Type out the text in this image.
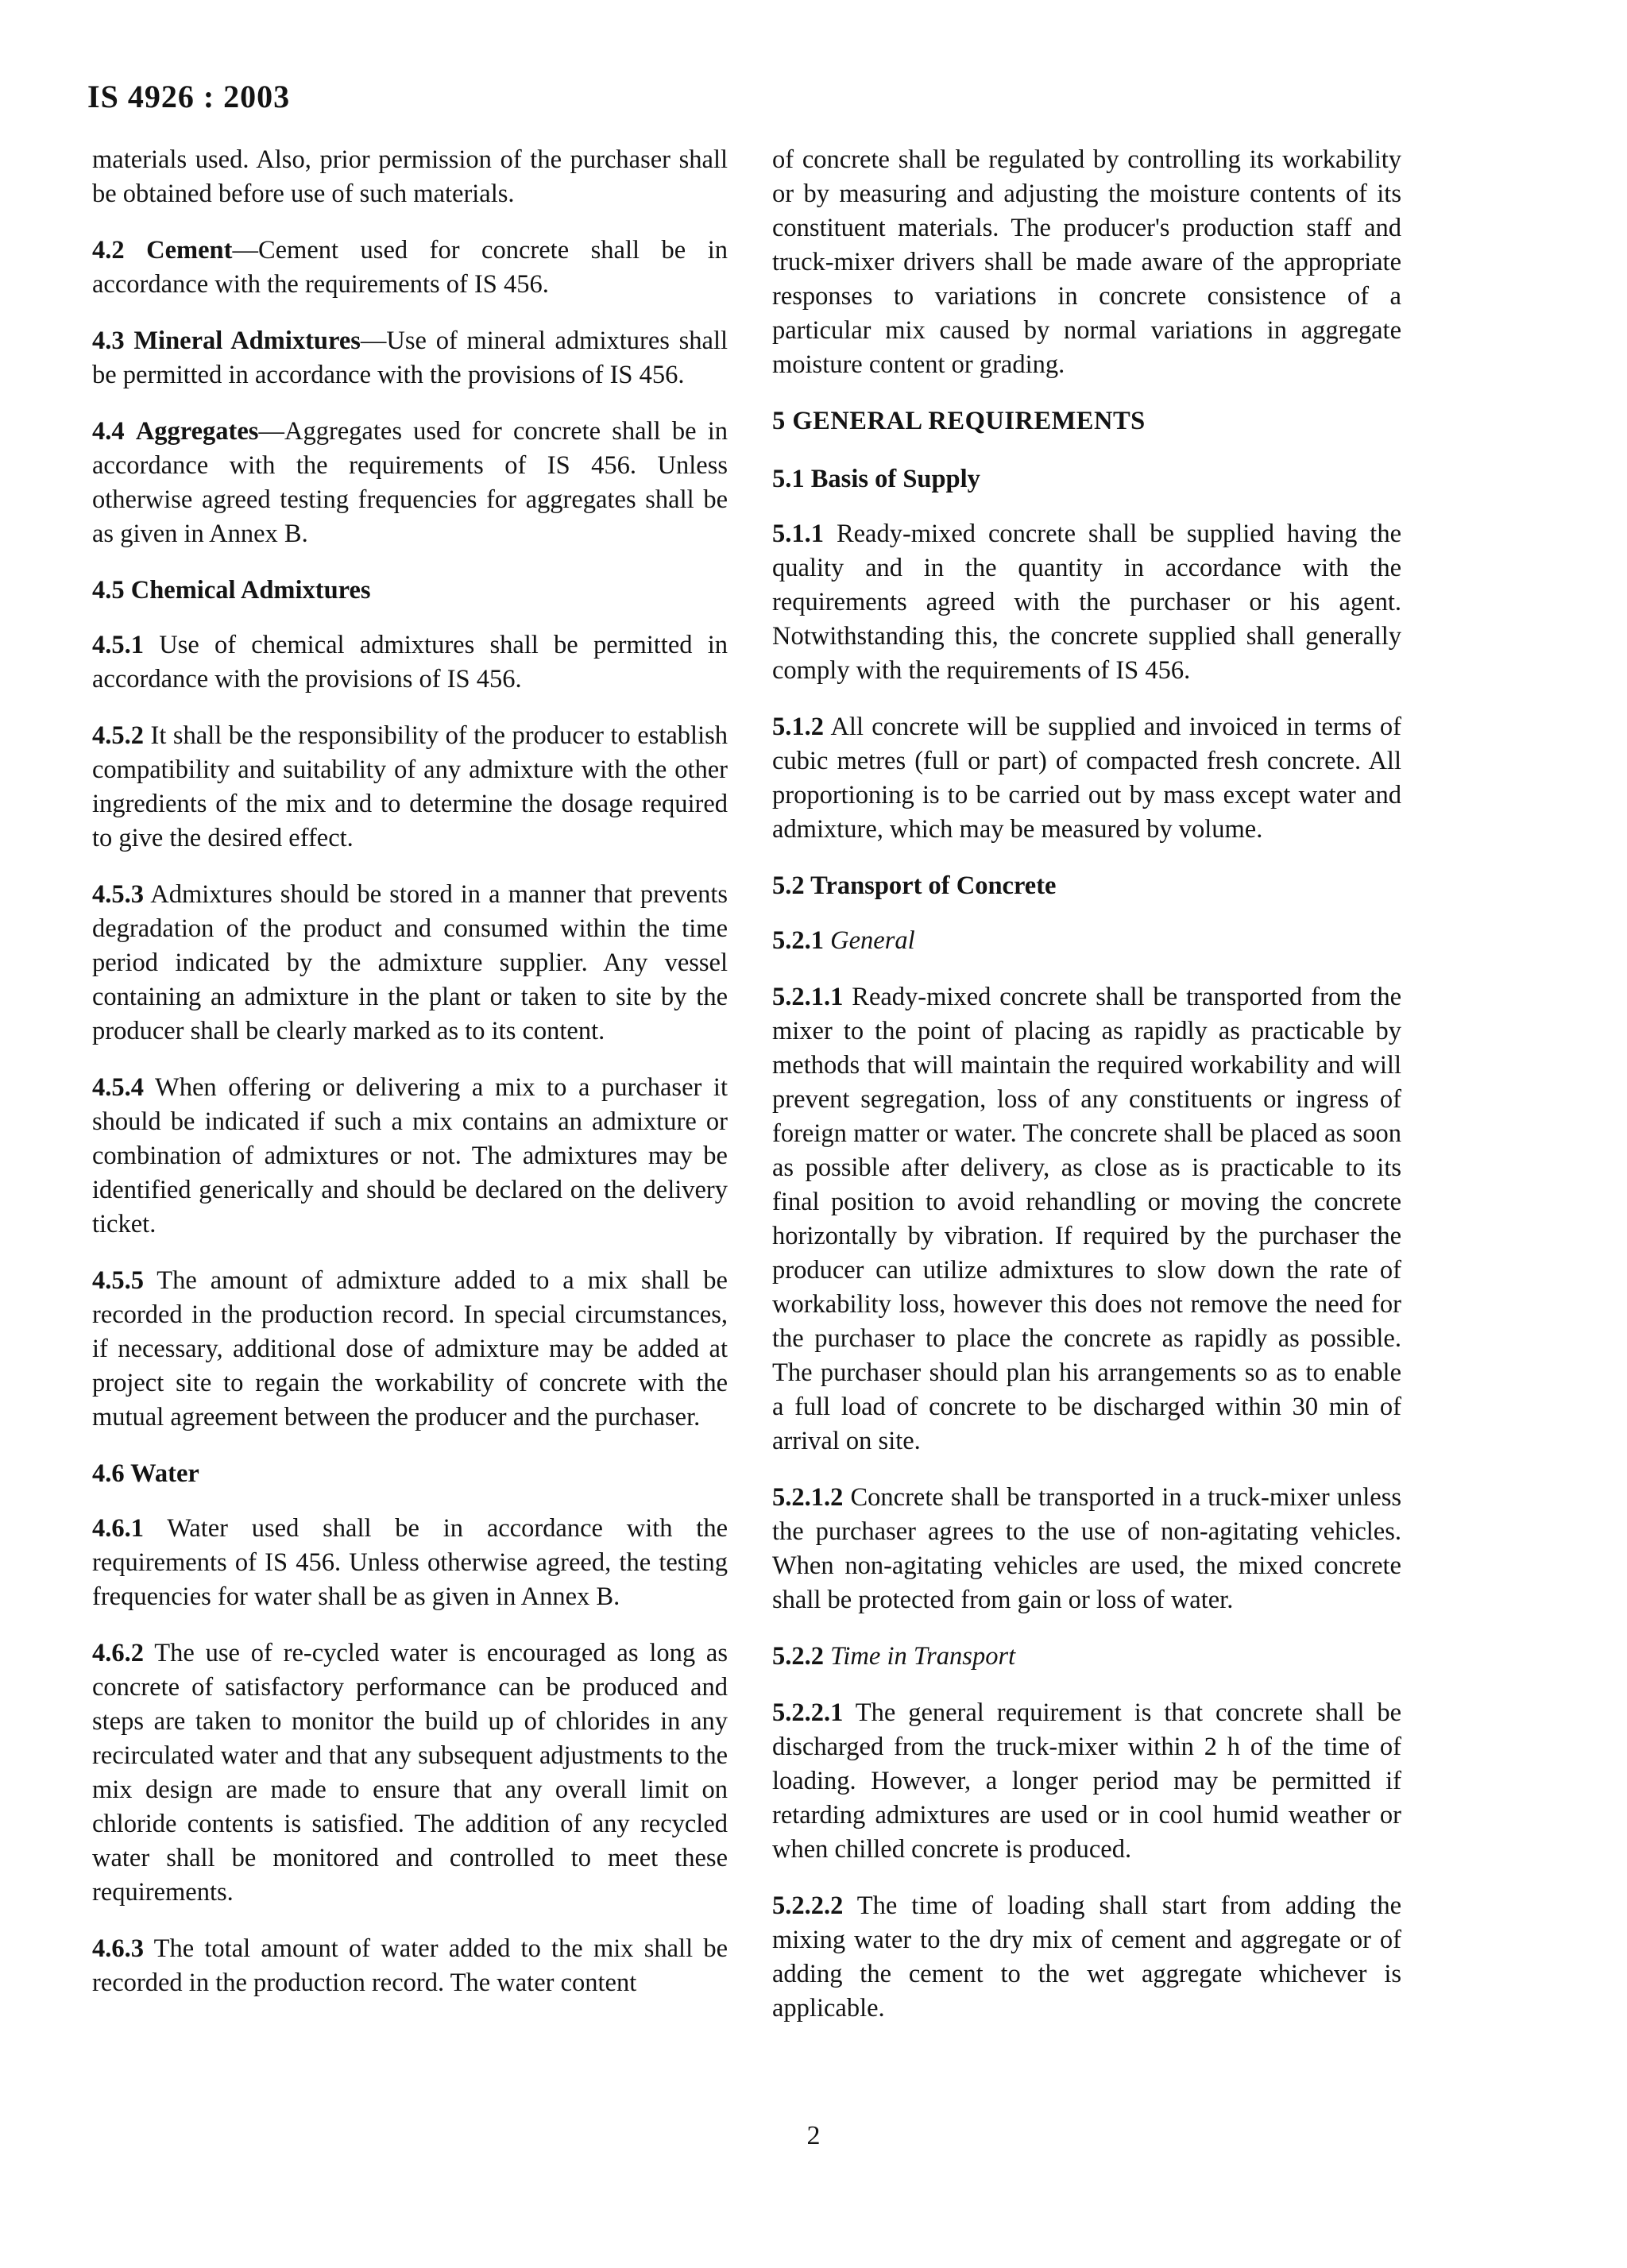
IS 4926 : 2003

materials used. Also, prior permission of the purchaser shall be obtained before use of such materials.

4.2 Cement—Cement used for concrete shall be in accordance with the requirements of IS 456.

4.3 Mineral Admixtures—Use of mineral admixtures shall be permitted in accordance with the provisions of IS 456.

4.4 Aggregates—Aggregates used for concrete shall be in accordance with the requirements of IS 456. Unless otherwise agreed testing frequencies for aggregates shall be as given in Annex B.

4.5 Chemical Admixtures

4.5.1 Use of chemical admixtures shall be permitted in accordance with the provisions of IS 456.

4.5.2 It shall be the responsibility of the producer to establish compatibility and suitability of any admixture with the other ingredients of the mix and to determine the dosage required to give the desired effect.

4.5.3 Admixtures should be stored in a manner that prevents degradation of the product and consumed within the time period indicated by the admixture supplier. Any vessel containing an admixture in the plant or taken to site by the producer shall be clearly marked as to its content.

4.5.4 When offering or delivering a mix to a purchaser it should be indicated if such a mix contains an admixture or combination of admixtures or not. The admixtures may be identified generically and should be declared on the delivery ticket.

4.5.5 The amount of admixture added to a mix shall be recorded in the production record. In special circumstances, if necessary, additional dose of admixture may be added at project site to regain the workability of concrete with the mutual agreement between the producer and the purchaser.

4.6 Water

4.6.1 Water used shall be in accordance with the requirements of IS 456. Unless otherwise agreed, the testing frequencies for water shall be as given in Annex B.

4.6.2 The use of re-cycled water is encouraged as long as concrete of satisfactory performance can be produced and steps are taken to monitor the build up of chlorides in any recirculated water and that any subsequent adjustments to the mix design are made to ensure that any overall limit on chloride contents is satisfied. The addition of any recycled water shall be monitored and controlled to meet these requirements.

4.6.3 The total amount of water added to the mix shall be recorded in the production record. The water content

of concrete shall be regulated by controlling its workability or by measuring and adjusting the moisture contents of its constituent materials. The producer's production staff and truck-mixer drivers shall be made aware of the appropriate responses to variations in concrete consistence of a particular mix caused by normal variations in aggregate moisture content or grading.

5 GENERAL REQUIREMENTS

5.1 Basis of Supply

5.1.1 Ready-mixed concrete shall be supplied having the quality and in the quantity in accordance with the requirements agreed with the purchaser or his agent. Notwithstanding this, the concrete supplied shall generally comply with the requirements of IS 456.

5.1.2 All concrete will be supplied and invoiced in terms of cubic metres (full or part) of compacted fresh concrete. All proportioning is to be carried out by mass except water and admixture, which may be measured by volume.

5.2 Transport of Concrete

5.2.1 General

5.2.1.1 Ready-mixed concrete shall be transported from the mixer to the point of placing as rapidly as practicable by methods that will maintain the required workability and will prevent segregation, loss of any constituents or ingress of foreign matter or water. The concrete shall be placed as soon as possible after delivery, as close as is practicable to its final position to avoid rehandling or moving the concrete horizontally by vibration. If required by the purchaser the producer can utilize admixtures to slow down the rate of workability loss, however this does not remove the need for the purchaser to place the concrete as rapidly as possible. The purchaser should plan his arrangements so as to enable a full load of concrete to be discharged within 30 min of arrival on site.

5.2.1.2 Concrete shall be transported in a truck-mixer unless the purchaser agrees to the use of non-agitating vehicles. When non-agitating vehicles are used, the mixed concrete shall be protected from gain or loss of water.

5.2.2 Time in Transport

5.2.2.1 The general requirement is that concrete shall be discharged from the truck-mixer within 2 h of the time of loading. However, a longer period may be permitted if retarding admixtures are used or in cool humid weather or when chilled concrete is produced.

5.2.2.2 The time of loading shall start from adding the mixing water to the dry mix of cement and aggregate or of adding the cement to the wet aggregate whichever is applicable.

2
